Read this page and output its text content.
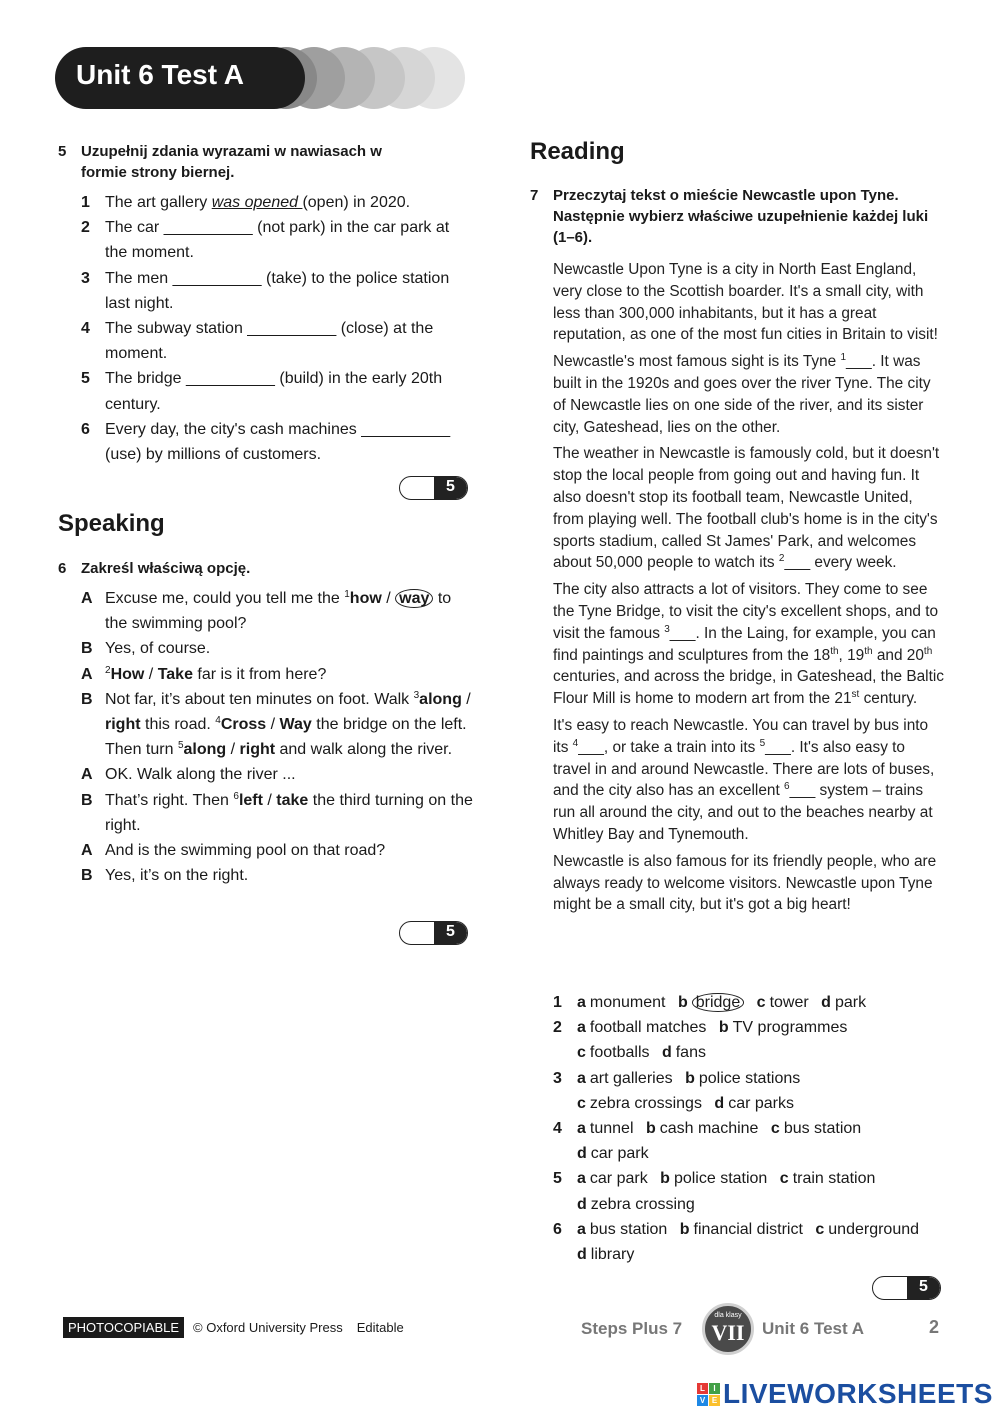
Unit 6 Test A
5 Uzupełnij zdania wyrazami w nawiasach w formie strony biernej.
1 The art gallery was opened (open) in 2020.
2 The car __________ (not park) in the car park at the moment.
3 The men __________ (take) to the police station last night.
4 The subway station __________ (close) at the moment.
5 The bridge __________ (build) in the early 20th century.
6 Every day, the city's cash machines __________ (use) by millions of customers.
5
Speaking
6 Zakreśl właściwą opcję.
A Excuse me, could you tell me the $^1$how / way to the swimming pool?
B Yes, of course.
A $^2$How / Take far is it from here?
B Not far, it’s about ten minutes on foot. Walk $^3$along / right this road. $^4$Cross / Way the bridge on the left. Then turn $^5$along / right and walk along the river.
A OK. Walk along the river ...
B That’s right. Then $^6$left / take the third turning on the right.
A And is the swimming pool on that road?
B Yes, it’s on the right.
5
Reading
7 Przeczytaj tekst o mieście Newcastle upon Tyne. Następnie wybierz właściwe uzupełnienie każdej luki (1–6).

Newcastle Upon Tyne is a city in North East England, very close to the Scottish boarder. It's a small city, with less than 300,000 inhabitants, but it has a great reputation, as one of the most fun cities in Britain to visit!

Newcastle's most famous sight is its Tyne $^1$___. It was built in the 1920s and goes over the river Tyne. The city of Newcastle lies on one side of the river, and its sister city, Gateshead, lies on the other.

The weather in Newcastle is famously cold, but it doesn't stop the local people from going out and having fun. It also doesn't stop its football team, Newcastle United, from playing well. The football club's home is in the city's sports stadium, called St James' Park, and welcomes about 50,000 people to watch its $^2$___ every week.

The city also attracts a lot of visitors. They come to see the Tyne Bridge, to visit the city's excellent shops, and to visit the famous $^3$___. In the Laing, for example, you can find paintings and sculptures from the 18th, 19th and 20th centuries, and across the bridge, in Gateshead, the Baltic Flour Mill is home to modern art from the 21st century.

It's easy to reach Newcastle. You can travel by bus into its $^4$___, or take a train into its $^5$___. It's also easy to travel in and around Newcastle. There are lots of buses, and the city also has an excellent $^6$___ system – trains run all around the city, and out to the beaches nearby at Whitley Bay and Tynemouth.

Newcastle is also famous for its friendly people, who are always ready to welcome visitors. Newcastle upon Tyne might be a small city, but it's got a big heart!

1 a monument b bridge c tower d park
2 a football matches b TV programmes
c footballs d fans
3 a art galleries b police stations
c zebra crossings d car parks
4 a tunnel b cash machine c bus station
d car park
5 a car park b police station c train station
d zebra crossing
6 a bus station b financial district c underground
d library
5
PHOTOCOPIABLE	© Oxford University Press Editable	Steps Plus 7
dla klasy
VII	Unit 6 Test A	2
L	I
V E LIVEWORKSHEETS
